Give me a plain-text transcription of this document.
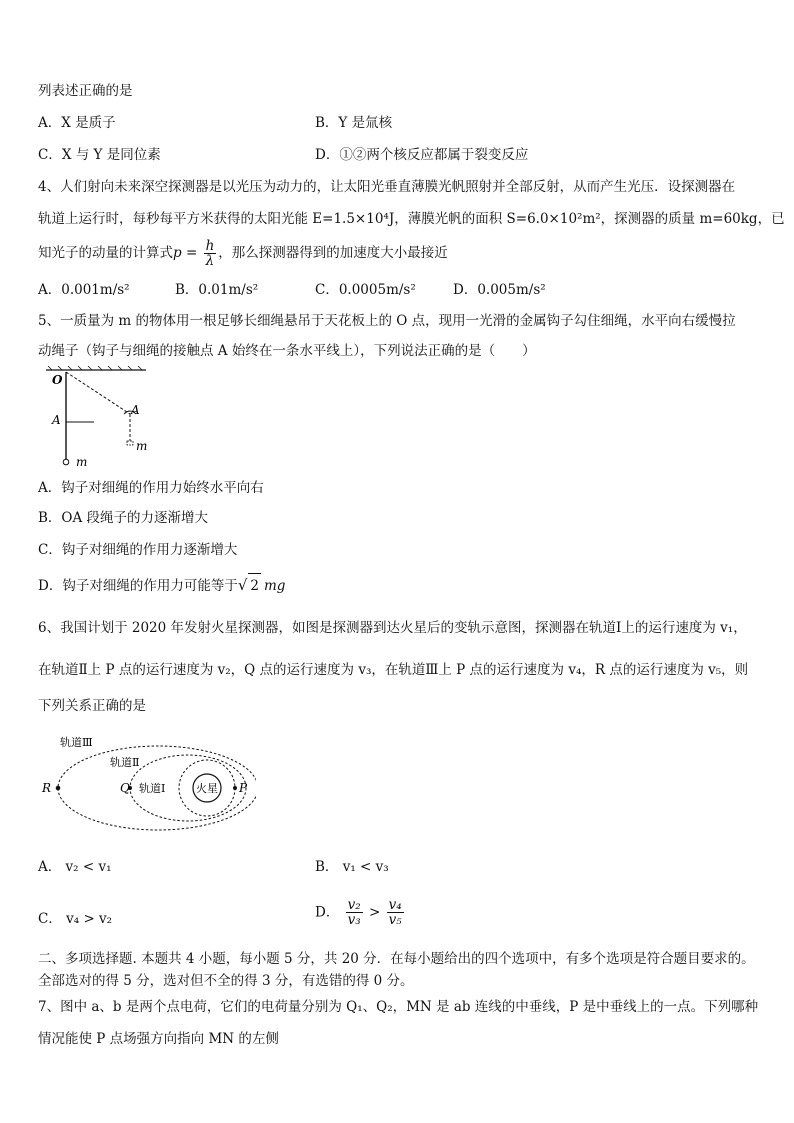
列表述正确的是
A．X 是质子	B．Y 是氚核
C．X 与 Y 是同位素	D．①②两个核反应都属于裂变反应
4、人们射向未来深空探测器是以光压为动力的，让太阳光垂直薄膜光帆照射并全部反射，从而产生光压．设探测器在
轨道上运行时，每秒每平方米获得的太阳光能 E=1.5×10⁴J，薄膜光帆的面积 S=6.0×10²m²，探测器的质量 m=60kg，已
知光子的动量的计算式$p = \frac{h}{\lambda}$ ，那么探测器得到的加速度大小最接近
A．0.001m/s²	B．0.01m/s²	C．0.0005m/s²	D．0.005m/s²
5、一质量为 m 的物体用一根足够长细绳悬吊于天花板上的 O 点，现用一光滑的金属钩子勾住细绳，水平向右缓慢拉
动绳子（钩子与细绳的接触点 A 始终在一条水平线上），下列说法正确的是（　　）
O
A
A
m
m
A．钩子对细绳的作用力始终水平向右
B．OA 段绳子的力逐渐增大
C．钩子对细绳的作用力逐渐增大
D．钩子对细绳的作用力可能等于√ 2 mg
6、我国计划于 2020 年发射火星探测器，如图是探测器到达火星后的变轨示意图，探测器在轨道Ⅰ上的运行速度为 v₁，
在轨道Ⅱ上 P 点的运行速度为 v₂，Q 点的运行速度为 v₃，在轨道Ⅲ上 P 点的运行速度为 v₄，R 点的运行速度为 v₅，则
下列关系正确的是
轨道Ⅲ
轨道Ⅱ
轨道Ⅰ	火星
R	Q	P
A． v₂ < v₁	B． v₁ < v₃
C． v₄ > v₂	D． $\frac{\text{v₂}}{\text{v₃}} > \frac{\text{v₄}}{\text{v₅}}$
二、多项选择题. 本题共 4 小题，每小题 5 分，共 20 分．在每小题给出的四个选项中，有多个选项是符合题目要求的。
全部选对的得 5 分，选对但不全的得 3 分，有选错的得 0 分。
7、图中 a、b 是两个点电荷，它们的电荷量分别为 Q₁、Q₂，MN 是 ab 连线的中垂线，P 是中垂线上的一点。下列哪种
情况能使 P 点场强方向指向 MN 的左侧
